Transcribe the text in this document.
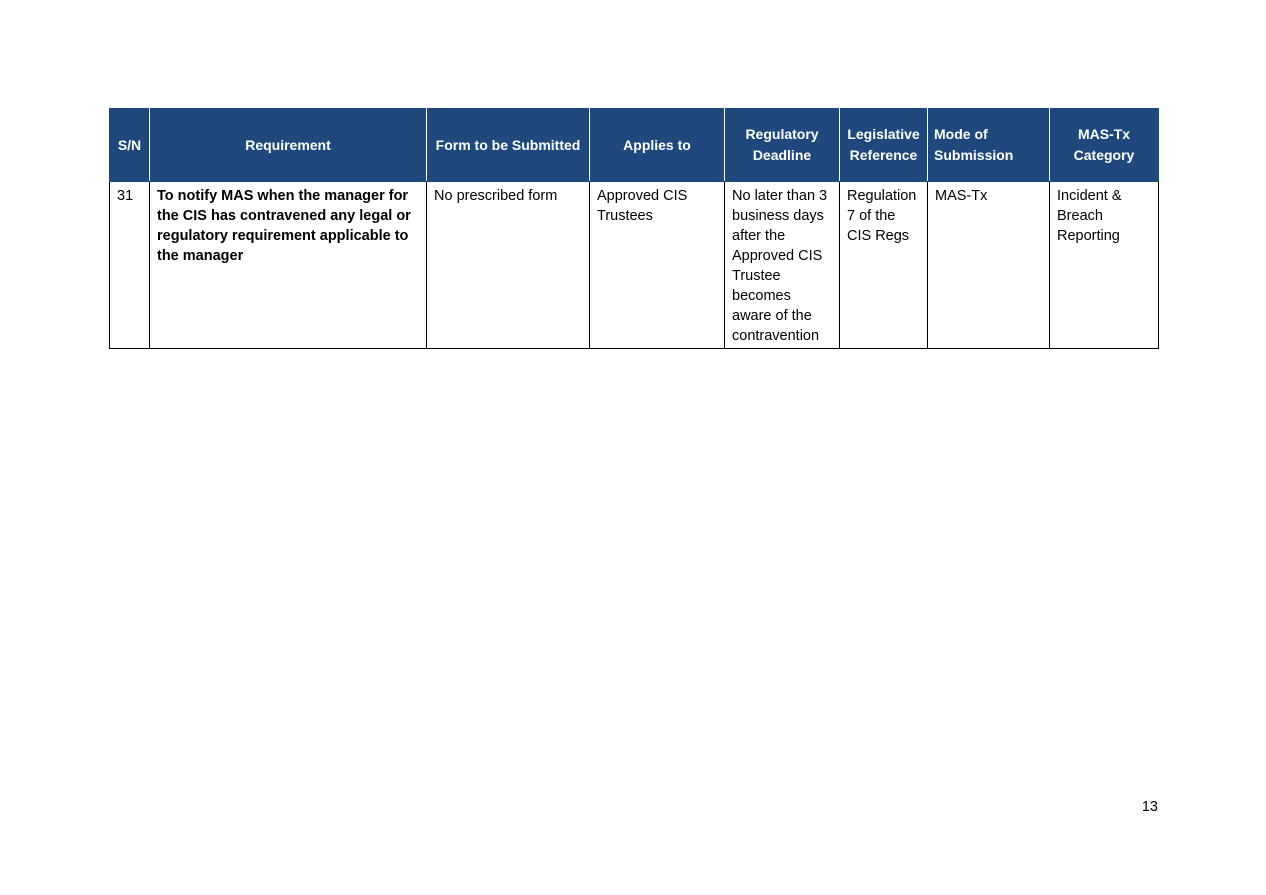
S/N	Requirement	Form to be Submitted	Applies to	Regulatory Deadline	Legislative Reference	Mode of Submission	MAS-Tx Category
31	To notify MAS when the manager for the CIS has contravened any legal or regulatory requirement applicable to the manager	No prescribed form	Approved CIS Trustees	No later than 3 business days after the Approved CIS Trustee becomes aware of the contravention	Regulation 7 of the CIS Regs	MAS-Tx	Incident & Breach Reporting
13
